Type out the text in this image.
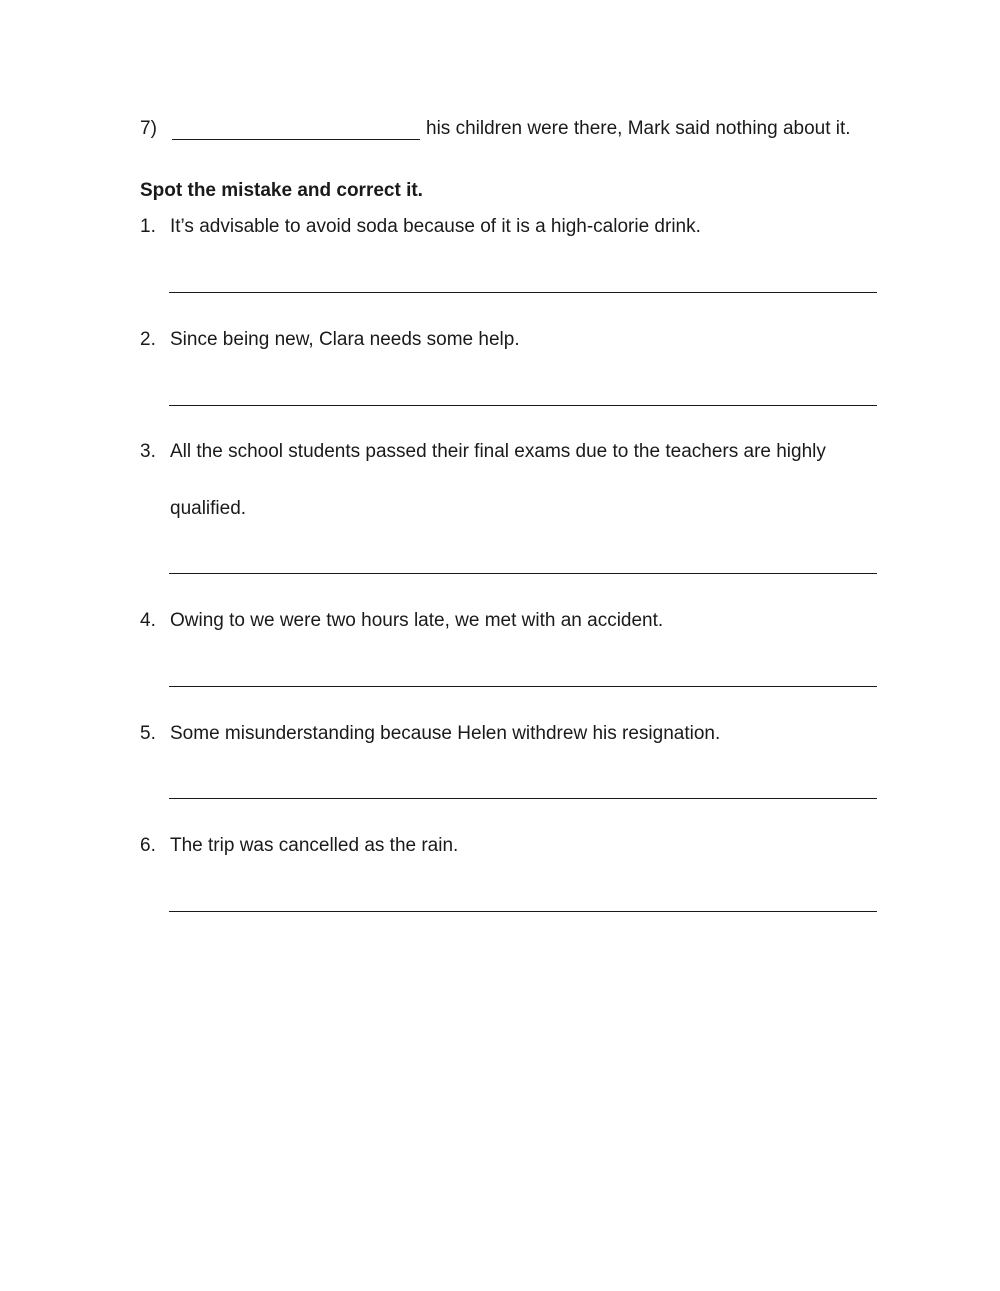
7)	his children were there, Mark said nothing about it.
Spot the mistake and correct it.
1. It’s advisable to avoid soda because of it is a high-calorie drink.
2. Since being new, Clara needs some help.
3. All the school students passed their final exams due to the teachers are highly
qualified.
4. Owing to we were two hours late, we met with an accident.
5. Some misunderstanding because Helen withdrew his resignation.
6. The trip was cancelled as the rain.
